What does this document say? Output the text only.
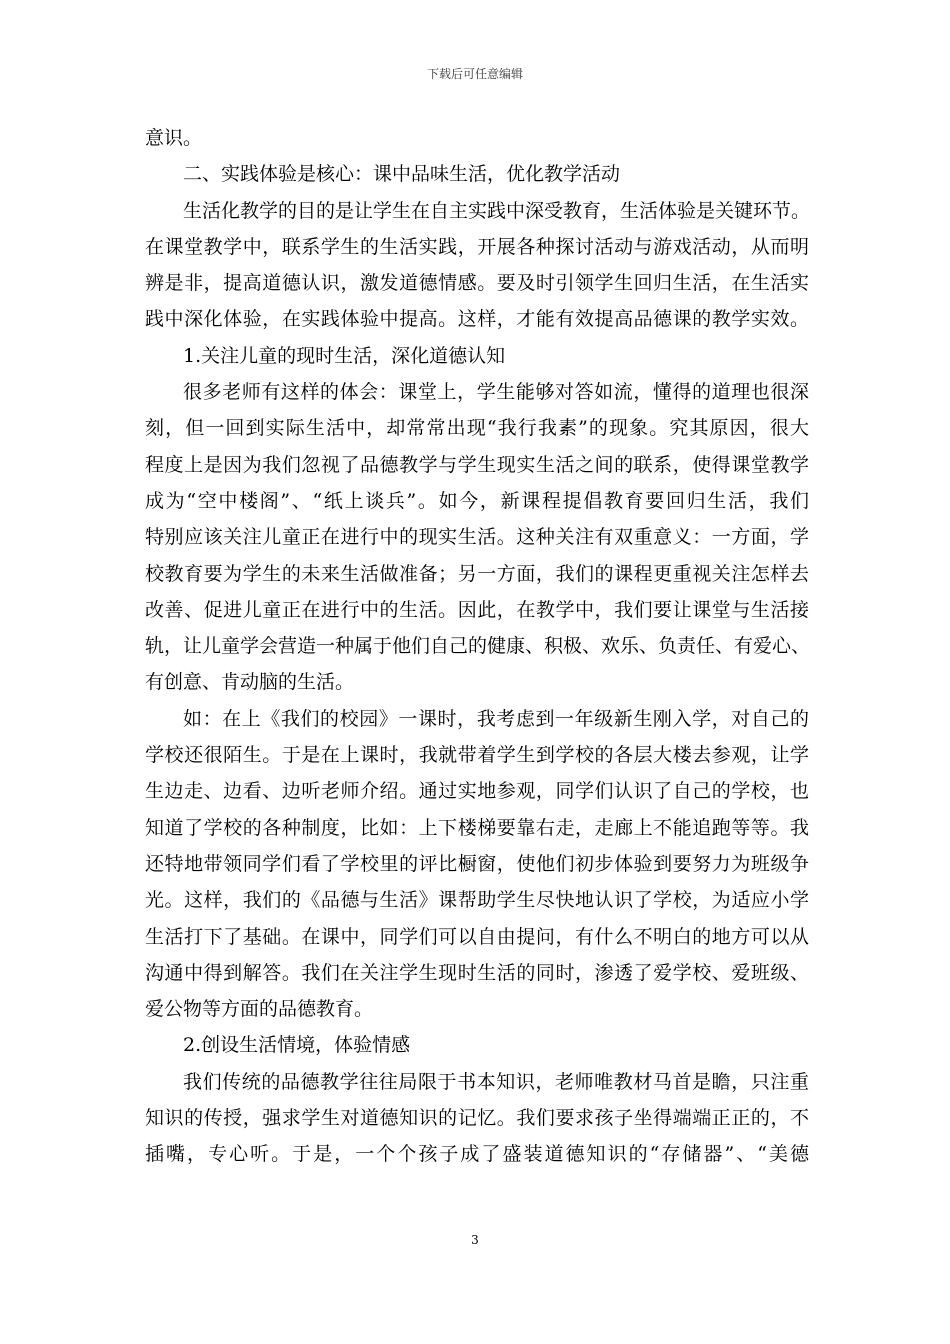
下载后可任意编辑
意识。
二、实践体验是核心：课中品味生活，优化教学活动
生活化教学的目的是让学生在自主实践中深受教育，生活体验是关键环节。
在课堂教学中，联系学生的生活实践，开展各种探讨活动与游戏活动，从而明
辨是非，提高道德认识，激发道德情感。要及时引领学生回归生活，在生活实
践中深化体验，在实践体验中提高。这样，才能有效提高品德课的教学实效。
1.关注儿童的现时生活，深化道德认知
很多老师有这样的体会：课堂上，学生能够对答如流，懂得的道理也很深
刻，但一回到实际生活中，却常常出现“我行我素”的现象。究其原因，很大
程度上是因为我们忽视了品德教学与学生现实生活之间的联系，使得课堂教学
成为“空中楼阁”、“纸上谈兵”。如今，新课程提倡教育要回归生活，我们
特别应该关注儿童正在进行中的现实生活。这种关注有双重意义：一方面，学
校教育要为学生的未来生活做准备；另一方面，我们的课程更重视关注怎样去
改善、促进儿童正在进行中的生活。因此，在教学中，我们要让课堂与生活接
轨，让儿童学会营造一种属于他们自己的健康、积极、欢乐、负责任、有爱心、
有创意、肯动脑的生活。
如：在上《我们的校园》一课时，我考虑到一年级新生刚入学，对自己的
学校还很陌生。于是在上课时，我就带着学生到学校的各层大楼去参观，让学
生边走、边看、边听老师介绍。通过实地参观，同学们认识了自己的学校，也
知道了学校的各种制度，比如：上下楼梯要靠右走，走廊上不能追跑等等。我
还特地带领同学们看了学校里的评比橱窗，使他们初步体验到要努力为班级争
光。这样，我们的《品德与生活》课帮助学生尽快地认识了学校，为适应小学
生活打下了基础。在课中，同学们可以自由提问，有什么不明白的地方可以从
沟通中得到解答。我们在关注学生现时生活的同时，渗透了爱学校、爱班级、
爱公物等方面的品德教育。
2.创设生活情境，体验情感
我们传统的品德教学往往局限于书本知识，老师唯教材马首是瞻，只注重
知识的传授，强求学生对道德知识的记忆。我们要求孩子坐得端端正正的，不
插嘴，专心听。于是，一个个孩子成了盛装道德知识的“存储器”、“美德
3
